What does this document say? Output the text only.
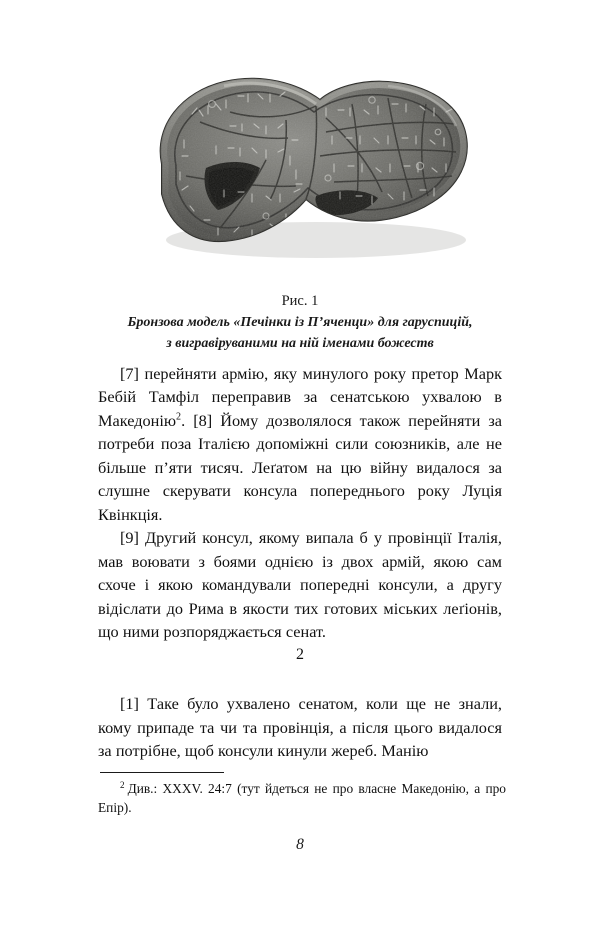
Рис. 1
Бронзова модель «Печінки із П’яченци» для гаруспицій,
з вигравіруваними на ній іменами божеств

[7] перейняти армію, яку минулого року претор Марк Бебій Тамфіл переправив за сенатською ухвалою в Македонію$^2$. [8] Йому дозволялося також перейняти за потреби поза Італією допоміжні сили союзників, але не більше п’яти тисяч. Леґатом на цю війну видалося за слушне скерувати консула попереднього року Луція Квінкція.

[9] Другий консул, якому випала б у провінції Італія, мав воювати з боями однією із двох армій, якою сам схоче і якою командували попередні консули, а другу відіслати до Рима в якости тих готових міських леґіонів, що ними розпоряджається сенат.

2

[1] Таке було ухвалено сенатом, коли ще не знали, кому припаде та чи та провінція, а після цього видалося за потрібне, щоб консули кинули жереб. Манію

$^2$ Див.: XXXV. 24:7 (тут йдеться не про власне Македонію, а про Епір).

8
